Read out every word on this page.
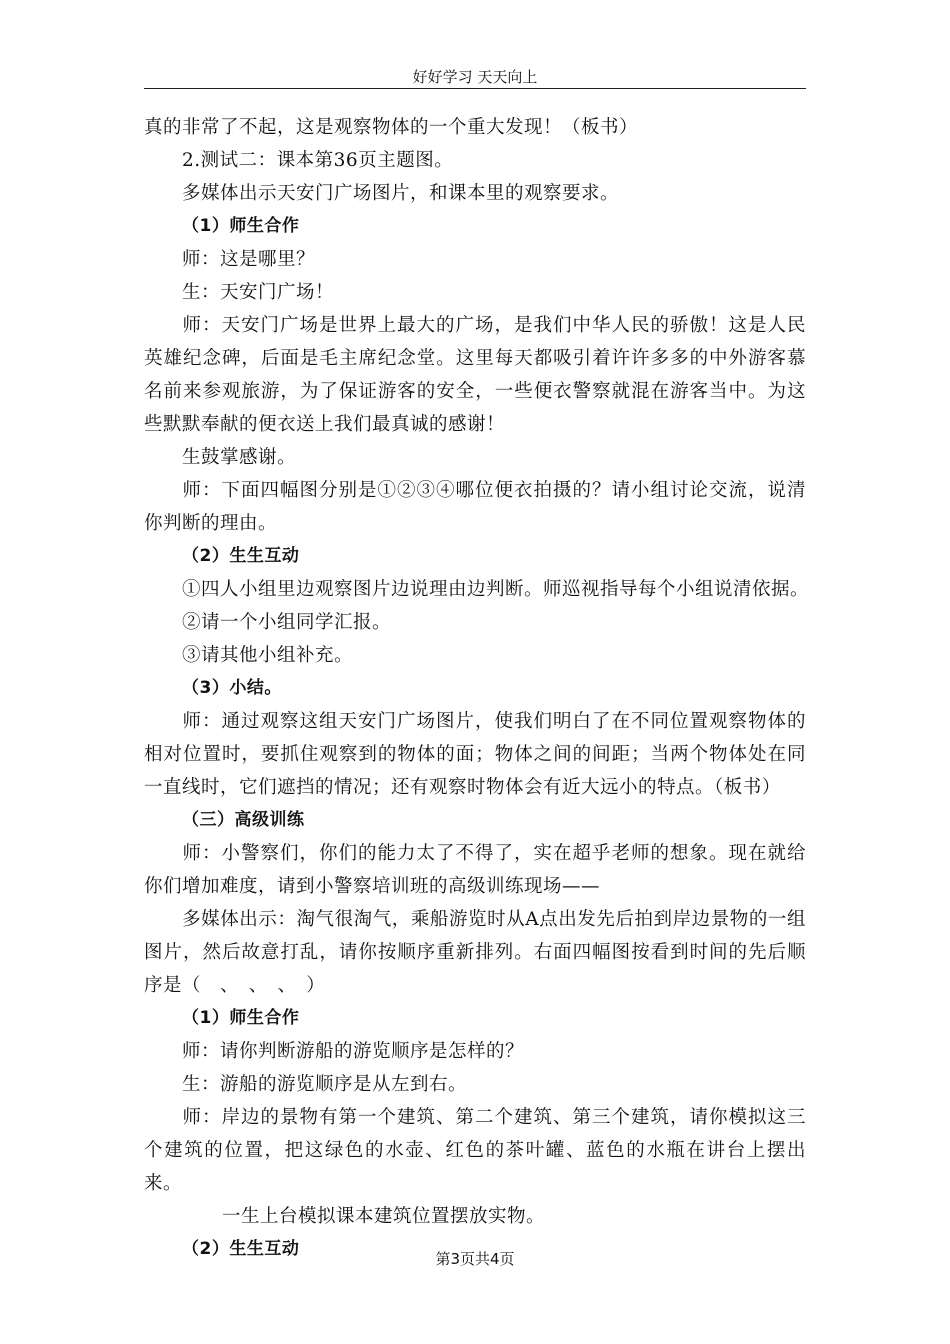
好好学习 天天向上
真的非常了不起，这是观察物体的一个重大发现！（板书）
2.测试二：课本第36页主题图。
多媒体出示天安门广场图片，和课本里的观察要求。
（1）师生合作
师：这是哪里？
生：天安门广场！
师：天安门广场是世界上最大的广场，是我们中华人民的骄傲！这是人民英雄纪念碑，后面是毛主席纪念堂。这里每天都吸引着许许多多的中外游客慕名前来参观旅游，为了保证游客的安全，一些便衣警察就混在游客当中。为这些默默奉献的便衣送上我们最真诚的感谢！
生鼓掌感谢。
师：下面四幅图分别是①②③④哪位便衣拍摄的？请小组讨论交流，说清你判断的理由。
（2）生生互动
①四人小组里边观察图片边说理由边判断。师巡视指导每个小组说清依据。
②请一个小组同学汇报。
③请其他小组补充。
（3）小结。
师：通过观察这组天安门广场图片，使我们明白了在不同位置观察物体的相对位置时，要抓住观察到的物体的面；物体之间的间距；当两个物体处在同一直线时，它们遮挡的情况；还有观察时物体会有近大远小的特点。（板书）
（三）高级训练
师：小警察们，你们的能力太了不得了，实在超乎老师的想象。现在就给你们增加难度，请到小警察培训班的高级训练现场——
多媒体出示：淘气很淘气，乘船游览时从A点出发先后拍到岸边景物的一组图片，然后故意打乱，请你按顺序重新排列。右面四幅图按看到时间的先后顺序是（　、　、　、　）
（1）师生合作
师：请你判断游船的游览顺序是怎样的？
生：游船的游览顺序是从左到右。
师：岸边的景物有第一个建筑、第二个建筑、第三个建筑，请你模拟这三个建筑的位置，把这绿色的水壶、红色的茶叶罐、蓝色的水瓶在讲台上摆出来。
一生上台模拟课本建筑位置摆放实物。
（2）生生互动	第3页共4页
